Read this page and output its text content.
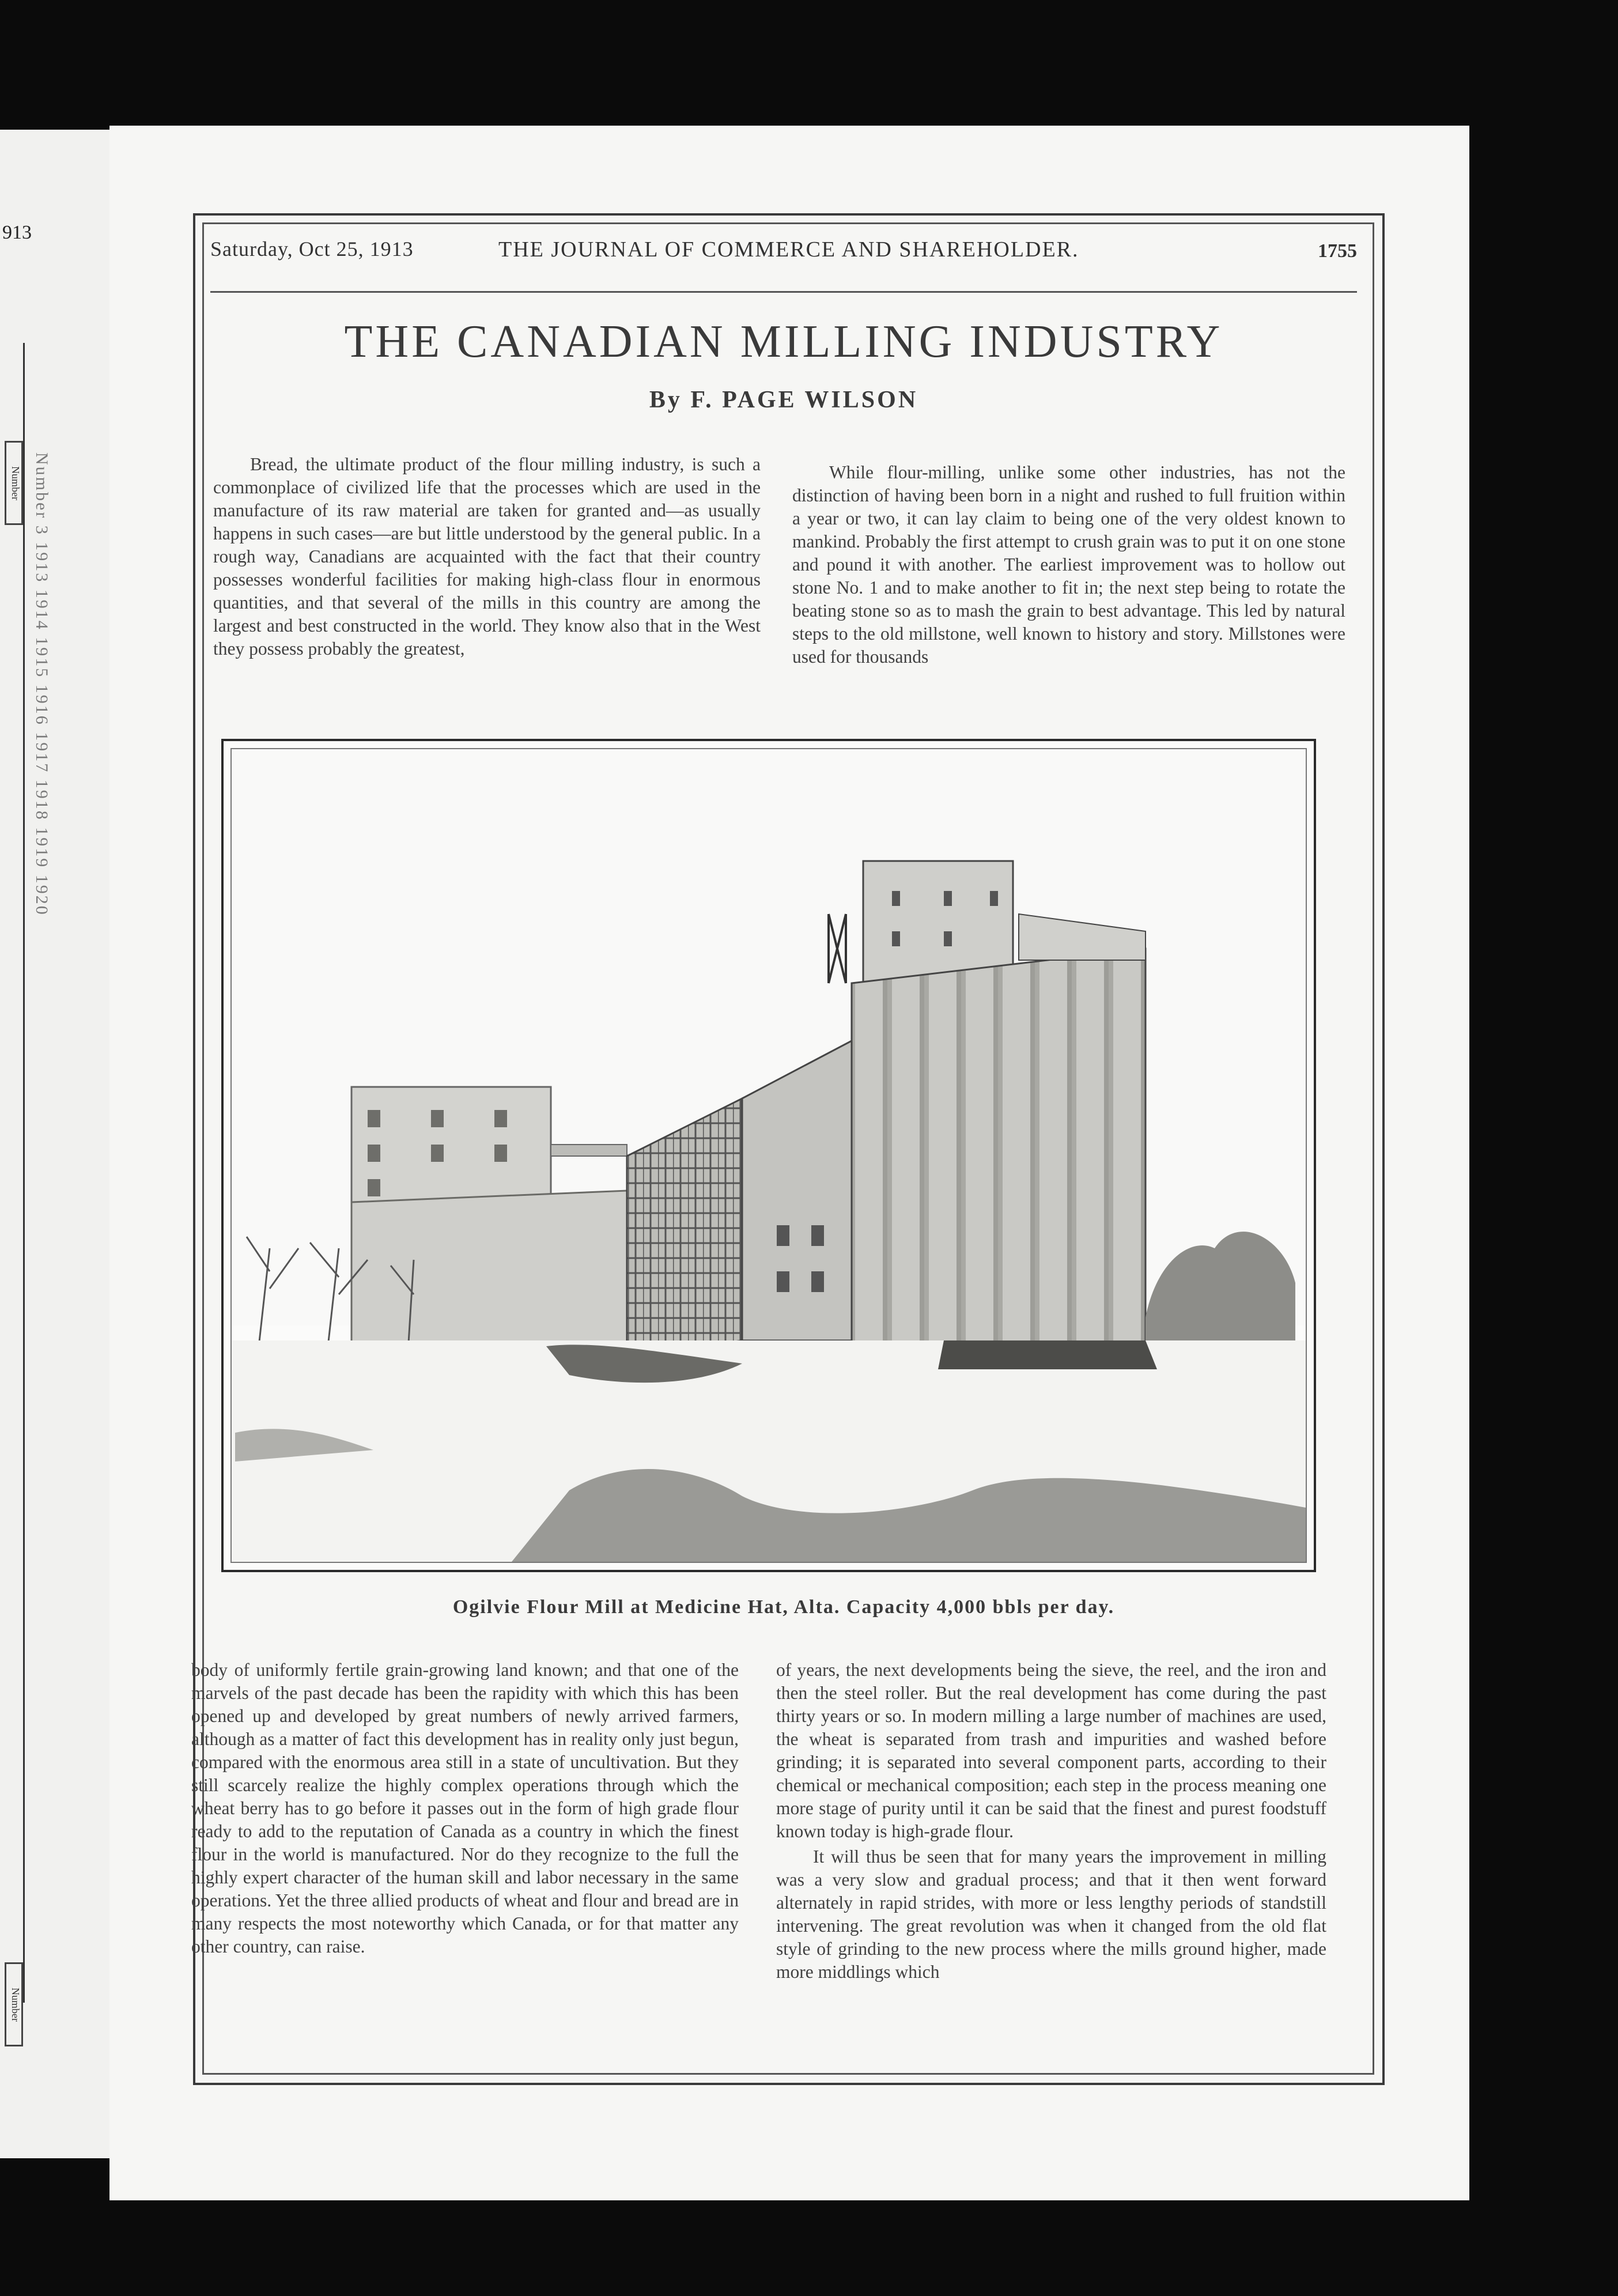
913
Number Number 3 1913 1914 1915 1916 1917 1918 1919 1920
Number
Saturday, Oct 25, 1913	THE JOURNAL OF COMMERCE AND SHAREHOLDER.	1755
THE CANADIAN MILLING INDUSTRY
By F. PAGE WILSON

Bread, the ultimate product of the flour milling industry, is such a commonplace of civilized life that the processes which are used in the manufacture of its raw material are taken for granted and—as usually happens in such cases—are but little understood by the general public. In a rough way, Canadians are acquainted with the fact that their country possesses wonderful facilities for making high-class flour in enormous quantities, and that several of the mills in this country are among the largest and best constructed in the world. They know also that in the West they possess probably the greatest,

While flour-milling, unlike some other industries, has not the distinction of having been born in a night and rushed to full fruition within a year or two, it can lay claim to being one of the very oldest known to mankind. Probably the first attempt to crush grain was to put it on one stone and pound it with another. The earliest improvement was to hollow out stone No. 1 and to make another to fit in; the next step being to rotate the beating stone so as to mash the grain to best advantage. This led by natural steps to the old millstone, well known to history and story. Millstones were used for thousands

Ogilvie Flour Mill at Medicine Hat, Alta. Capacity 4,000 bbls per day.

body of uniformly fertile grain-growing land known; and that one of the marvels of the past decade has been the rapidity with which this has been opened up and developed by great numbers of newly arrived farmers, although as a matter of fact this development has in reality only just begun, compared with the enormous area still in a state of uncultivation. But they still scarcely realize the highly complex operations through which the wheat berry has to go before it passes out in the form of high grade flour ready to add to the reputation of Canada as a country in which the finest flour in the world is manufactured. Nor do they recognize to the full the highly expert character of the human skill and labor necessary in the same operations. Yet the three allied products of wheat and flour and bread are in many respects the most noteworthy which Canada, or for that matter any other country, can raise.

of years, the next developments being the sieve, the reel, and the iron and then the steel roller. But the real development has come during the past thirty years or so. In modern milling a large number of machines are used, the wheat is separated from trash and impurities and washed before grinding; it is separated into several component parts, according to their chemical or mechanical composition; each step in the process meaning one more stage of purity until it can be said that the finest and purest foodstuff known today is high-grade flour.

It will thus be seen that for many years the improvement in milling was a very slow and gradual process; and that it then went forward alternately in rapid strides, with more or less lengthy periods of standstill intervening. The great revolution was when it changed from the old flat style of grinding to the new process where the mills ground higher, made more middlings which
